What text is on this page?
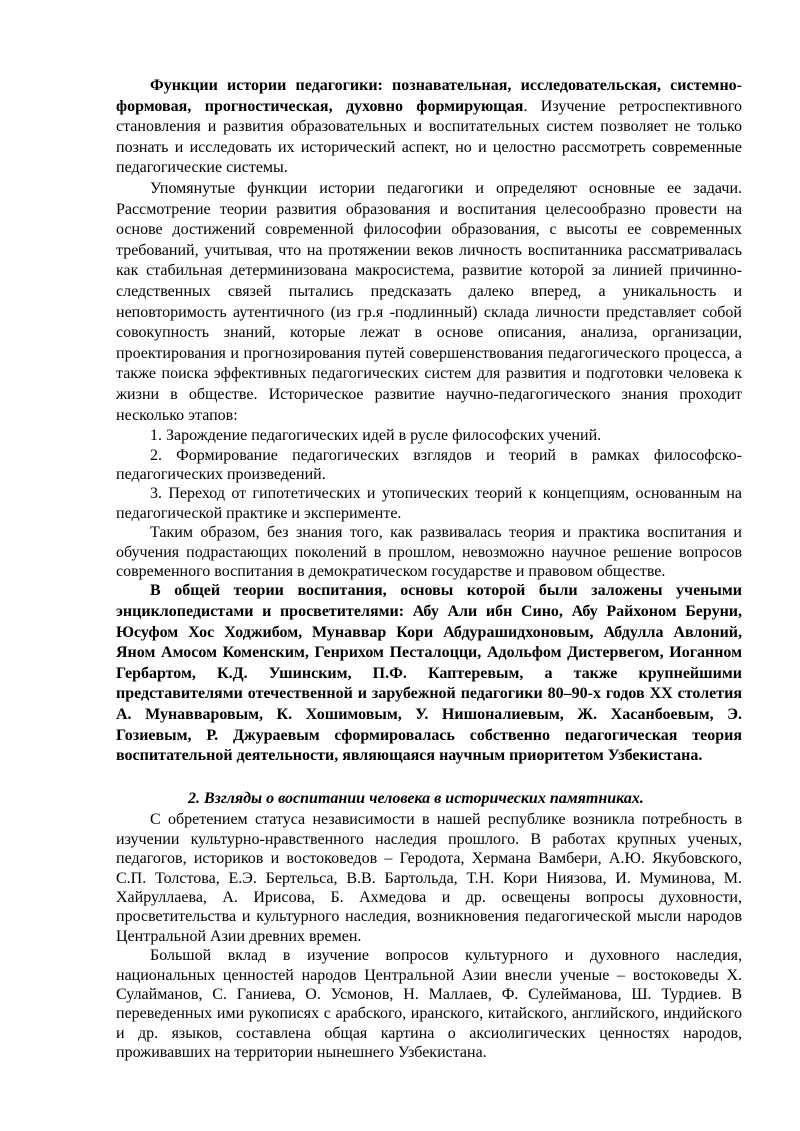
Функции истории педагогики: познавательная, исследовательская, системно-формовая, прогностическая, духовно формирующая. Изучение ретроспективного становления и развития образовательных и воспитательных систем позволяет не только познать и исследовать их исторический аспект, но и целостно рассмотреть современные педагогические системы.

Упомянутые функции истории педагогики и определяют основные ее задачи. Рассмотрение теории развития образования и воспитания целесообразно провести на основе достижений современной философии образования, с высоты ее современных требований, учитывая, что на протяжении веков личность воспитанника рассматривалась как стабильная детерминизована макросистема, развитие которой за линией причинно-следственных связей пытались предсказать далеко вперед, а уникальность и неповторимость аутентичного (из гр.я -подлинный) склада личности представляет собой совокупность знаний, которые лежат в основе описания, анализа, организации, проектирования и прогнозирования путей совершенствования педагогического процесса, а также поиска эффективных педагогических систем для развития и подготовки человека к жизни в обществе. Историческое развитие научно-педагогического знания проходит несколько этапов:

1. Зарождение педагогических идей в русле философских учений.

2. Формирование педагогических взглядов и теорий в рамках философско-педагогических произведений.

3. Переход от гипотетических и утопических теорий к концепциям, основанным на педагогической практике и эксперименте.

Таким образом, без знания того, как развивалась теория и практика воспитания и обучения подрастающих поколений в прошлом, невозможно научное решение вопросов современного воспитания в демократическом государстве и правовом обществе.

В общей теории воспитания, основы которой были заложены учеными энциклопедистами и просветителями: Абу Али ибн Сино, Абу Райхоном Беруни, Юсуфом Хос Ходжибом, Мунаввар Кори Абдурашидхоновым, Абдулла Авлоний, Яном Амосом Коменским, Генрихом Песталоцци, Адольфом Дистервегом, Иоганном Гербартом, К.Д. Ушинским, П.Ф. Каптеревым, а также крупнейшими представителями отечественной и зарубежной педагогики 80–90-х годов ХХ столетия А. Мунавваровым, К. Хошимовым, У. Нишоналиевым, Ж. Хасанбоевым, Э. Гозиевым, Р. Джураевым сформировалась собственно педагогическая теория воспитательной деятельности, являющаяся научным приоритетом Узбекистана.

2. Взгляды о воспитании человека в исторических памятниках.

С обретением статуса независимости в нашей республике возникла потребность в изучении культурно-нравственного наследия прошлого. В работах крупных ученых, педагогов, историков и востоковедов – Геродота, Хермана Вамбери, А.Ю. Якубовского, С.П. Толстова, Е.Э. Бертельса, В.В. Бартольда, Т.Н. Кори Ниязова, И. Муминова, М. Хайруллаева, А. Ирисова, Б. Ахмедова и др. освещены вопросы духовности, просветительства и культурного наследия, возникновения педагогической мысли народов Центральной Азии древних времен.

Большой вклад в изучение вопросов культурного и духовного наследия, национальных ценностей народов Центральной Азии внесли ученые – востоковеды Х. Сулайманов, С. Ганиева, О. Усмонов, Н. Маллаев, Ф. Сулейманова, Ш. Турдиев. В переведенных ими рукописях с арабского, иранского, китайского, английского, индийского и др. языков, составлена общая картина о аксиолигических ценностях народов, проживавших на территории нынешнего Узбекистана.
